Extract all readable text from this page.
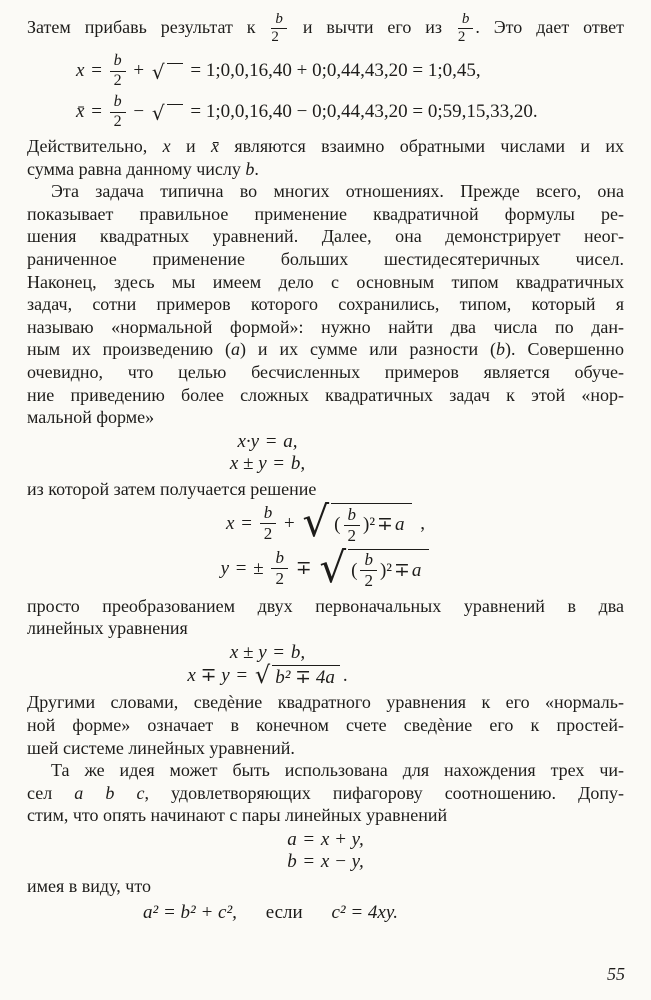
Затем прибавь результат к $\frac{b}{2}$ и вычти его из $\frac{b}{2}$ . Это дает ответ
$x = \frac{b}{2}$ + √ = 1;0,0,16,40 + 0;0,44,43,20 = 1;0,45,
x̄ = $\frac{b}{2}$ − √ = 1;0,0,16,40 − 0;0,44,43,20 = 0;59,15,33,20.
Действительно, x и x̄ являются взаимно обратными числами и их
сумма равна данному числу b.
Эта задача типична во многих отношениях. Прежде всего, она
показывает правильное применение квадратичной формулы ре-
шения квадратных уравнений. Далее, она демонстрирует неог-
раниченное применение больших шестидесятеричных чисел.
Наконец, здесь мы имеем дело с основным типом квадратичных
задач, сотни примеров которого сохранились, типом, который я
называю «нормальной формой»: нужно найти два числа по дан-
ным их произведению (a) и их сумме или разности (b). Совершенно
очевидно, что целью бесчисленных примеров является обуче-
ние приведению более сложных квадратичных задач к этой «нор-
мальной форме»
x·y = a,
x ± y = b,
из которой затем получается решение
$x = \frac{b}{2}$ + √ ( $\frac{b}{2} )^2 \mp a$ ,
y = ± $\frac{b}{2}$ ∓ √ ( $\frac{b}{2} )^2 \mp a$
просто преобразованием двух первоначальных уравнений в два
линейных уравнения
x ± y = b,
x ∓ y = √ b² ∓ 4a .
Другими словами, сведѐние квадратного уравнения к его «нормаль-
ной форме» означает в конечном счете сведѐние его к простей-
шей системе линейных уравнений.
Та же идея может быть использована для нахождения трех чи-
сел a b c, удовлетворяющих пифагорову соотношению. Допу-
стим, что опять начинают с пары линейных уравнений
a = x + y,
b = x − y,
имея в виду, что
a² = b² + c², если c² = 4xy.
55
